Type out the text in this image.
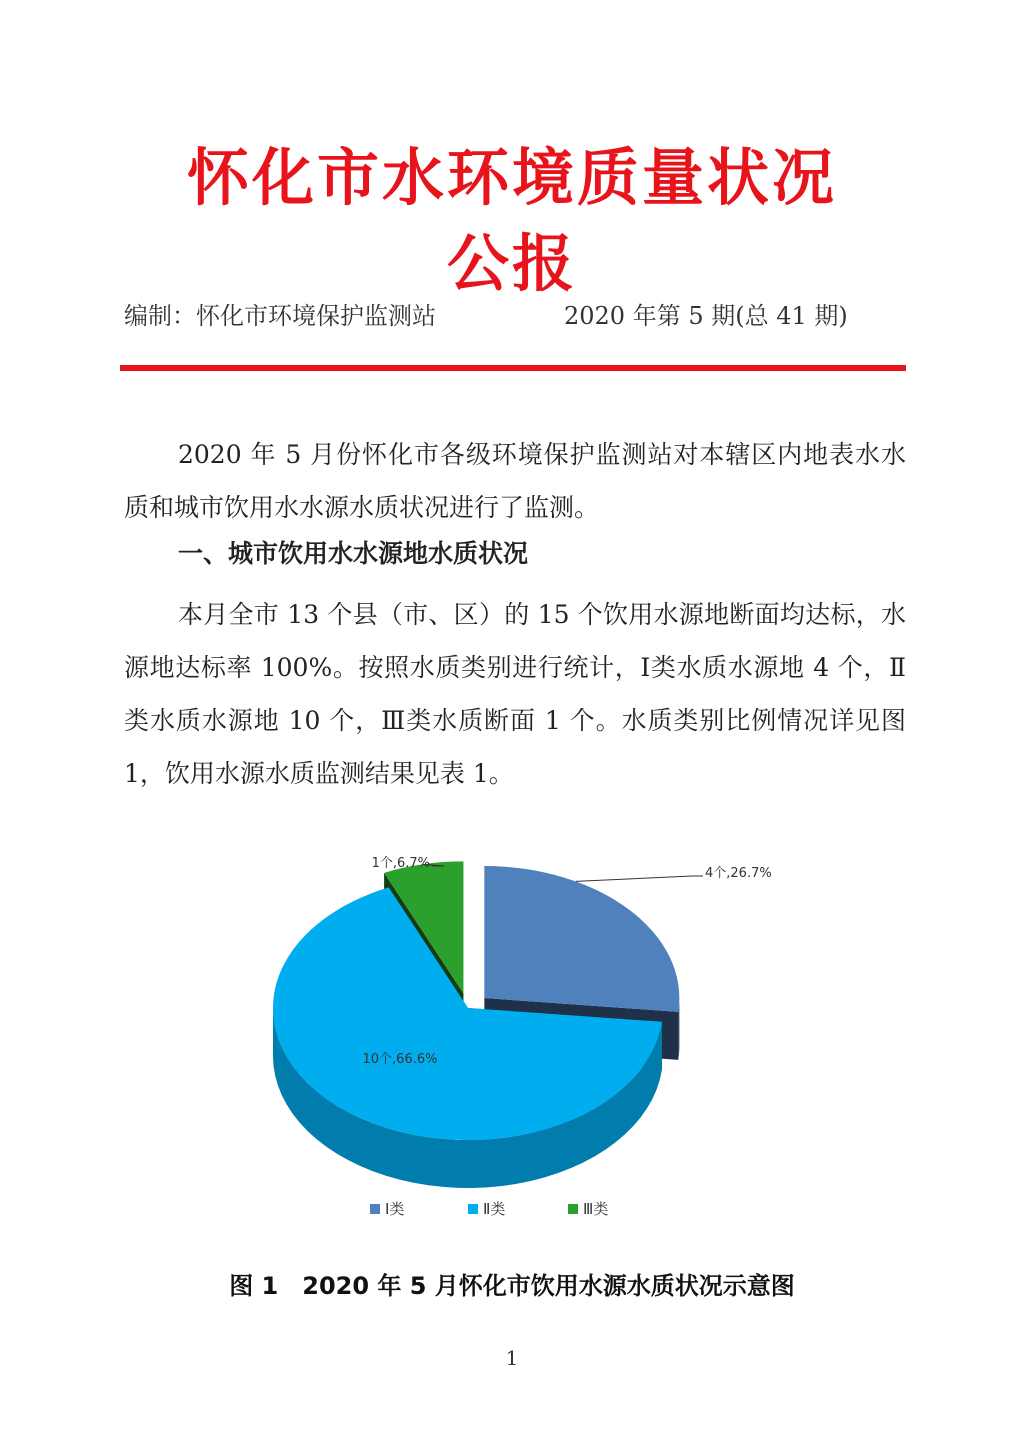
怀化市水环境质量状况
公报
编制：怀化市环境保护监测站	2020 年第 5 期(总 41 期)

2020 年 5 月份怀化市各级环境保护监测站对本辖区内地表水水质和城市饮用水水源水质状况进行了监测。

一、城市饮用水水源地水质状况

本月全市 13 个县（市、区）的 15 个饮用水源地断面均达标，水源地达标率 100%。按照水质类别进行统计，Ⅰ类水质水源地 4 个，Ⅱ类水质水源地 10 个，Ⅲ类水质断面 1 个。水质类别比例情况详见图 1，饮用水源水质监测结果见表 1。

4个,26.7%
1个,6.7%
10个,66.6%
Ⅰ类	Ⅱ类	Ⅲ类

图 1 2020 年 5 月怀化市饮用水源水质状况示意图

1
